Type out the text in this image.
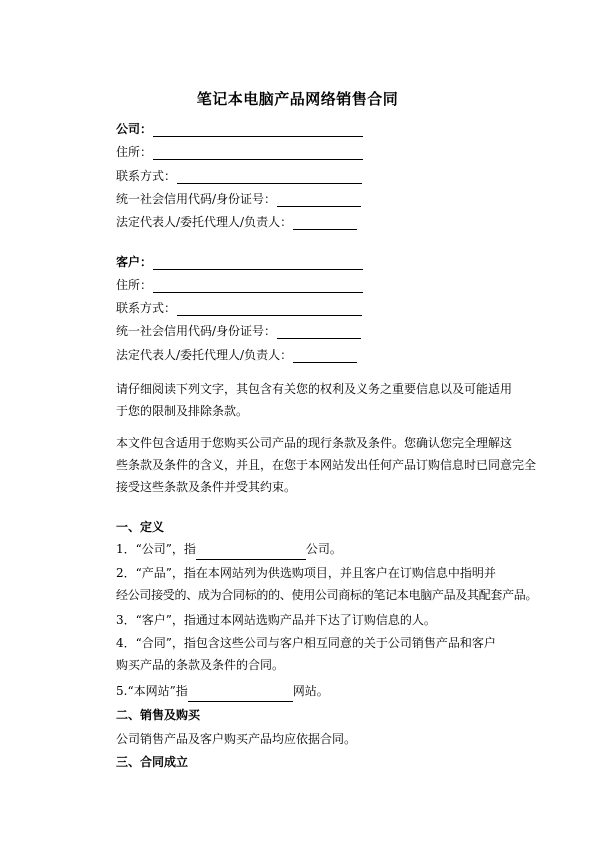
笔记本电脑产品网络销售合同
公司：
住所：
联系方式：
统一社会信用代码/身份证号：
法定代表人/委托代理人/负责人：
客户：
住所：
联系方式：
统一社会信用代码/身份证号：
法定代表人/委托代理人/负责人：
请仔细阅读下列文字，其包含有关您的权利及义务之重要信息以及可能适用
于您的限制及排除条款。
本文件包含适用于您购买公司产品的现行条款及条件。您确认您完全理解这
些条款及条件的含义，并且，在您于本网站发出任何产品订购信息时已同意完全
接受这些条款及条件并受其约束。
一、定义
1．“公司”，指	公司。
2．“产品”，指在本网站列为供选购项目，并且客户在订购信息中指明并
经公司接受的、成为合同标的的、使用公司商标的笔记本电脑产品及其配套产品。
3．“客户”，指通过本网站选购产品并下达了订购信息的人。
4．“合同”，指包含这些公司与客户相互同意的关于公司销售产品和客户
购买产品的条款及条件的合同。
5.“本网站”指	网站。
二、销售及购买
公司销售产品及客户购买产品均应依据合同。
三、合同成立
